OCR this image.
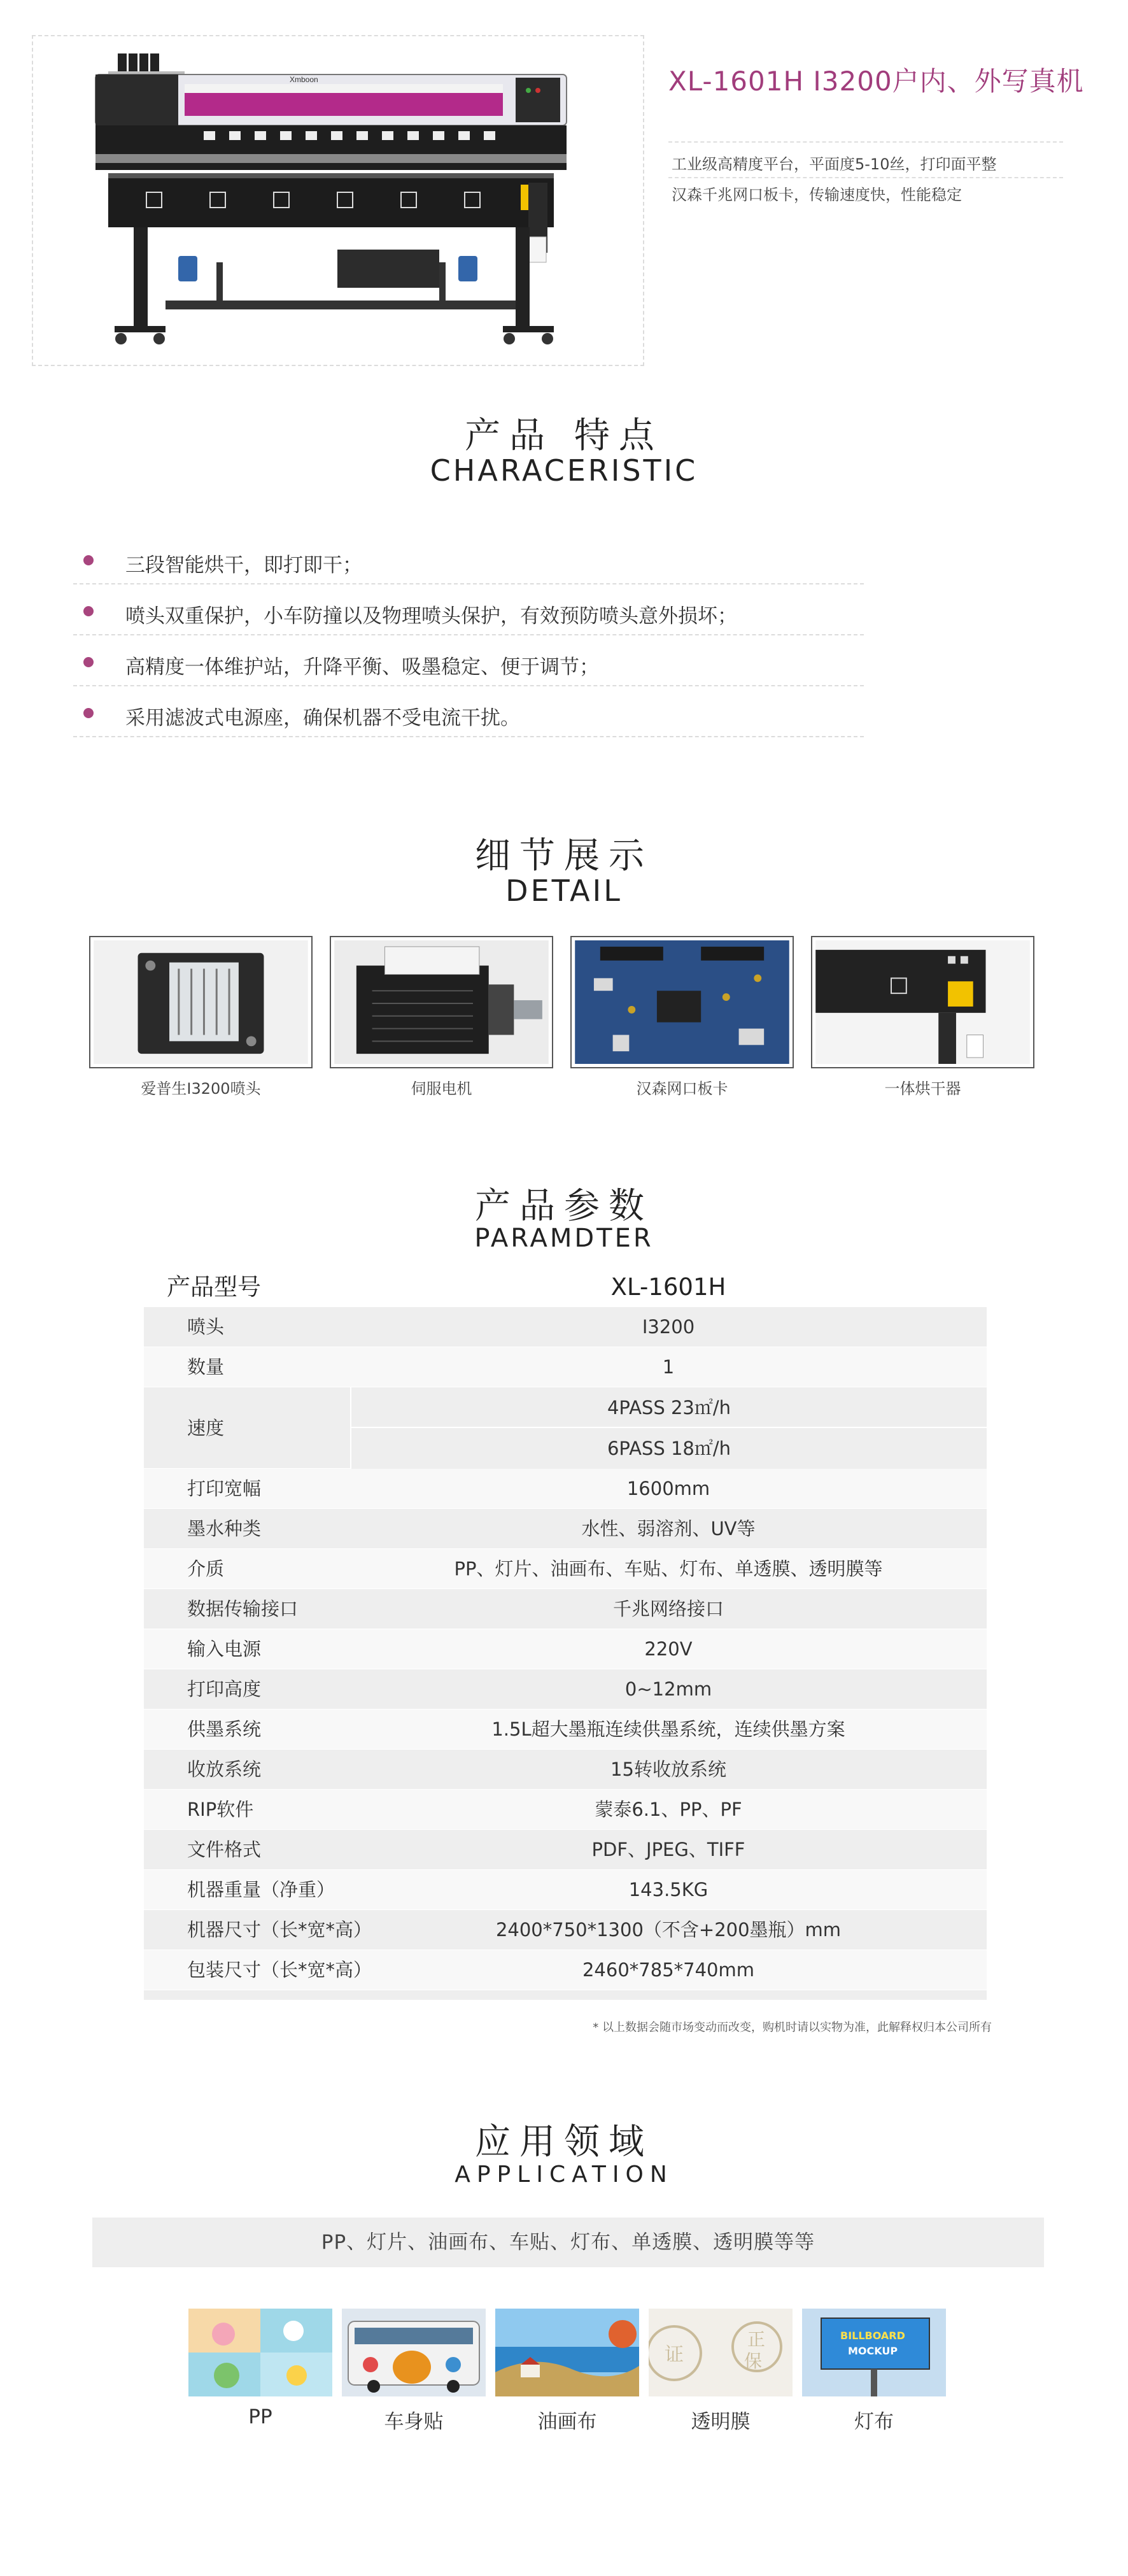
Xmboon	XL-1601H I3200户内、外写真机
工业级高精度平台，平面度5-10丝，打印面平整
汉森千兆网口板卡，传输速度快，性能稳定
产品 特点
CHARACERISTIC
三段智能烘干，即打即干；
喷头双重保护，小车防撞以及物理喷头保护，有效预防喷头意外损坏；
高精度一体维护站，升降平衡、吸墨稳定、便于调节；
采用滤波式电源座，确保机器不受电流干扰。
细节展示
DETAIL
爱普生I3200喷头	伺服电机	汉森网口板卡	一体烘干器
产品参数
PARAMDTER
产品型号	XL-1601H
喷头	I3200
数量	1
速度
4PASS 23㎡/h
6PASS 18㎡/h
打印宽幅	1600mm
墨水种类	水性、弱溶剂、UV等
介质	PP、灯片、油画布、车贴、灯布、单透膜、透明膜等
数据传输接口	千兆网络接口
输入电源	220V
打印高度	0~12mm
供墨系统	1.5L超大墨瓶连续供墨系统，连续供墨方案
收放系统	15转收放系统
RIP软件	蒙泰6.1、PP、PF
文件格式	PDF、JPEG、TIFF
机器重量（净重）	143.5KG
机器尺寸（长*宽*高）	2400*750*1300（不含+200墨瓶）mm
包装尺寸（长*宽*高）	2460*785*740mm
* 以上数据会随市场变动而改变，购机时请以实物为准，此解释权归本公司所有
应用领域
APPLICATION
PP、灯片、油画布、车贴、灯布、单透膜、透明膜等等
证
正
保
BILLBOARD
MOCKUP
PP	车身贴	油画布	透明膜	灯布
